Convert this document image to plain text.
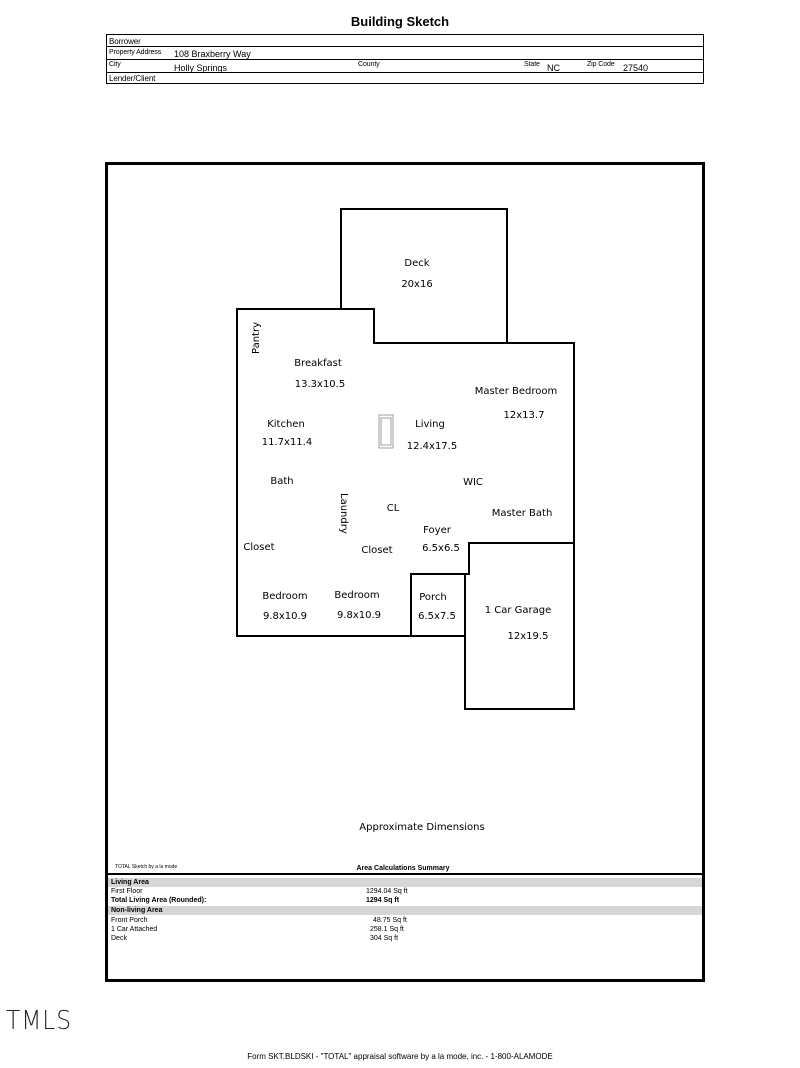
Building Sketch
Borrower
Property Address 108 Braxberry Way
City	Holly Springs	County	State NC	Zip Code 27540
Lender/Client
Deck
20x16
Pantry
Breakfast
13.3x10.5
Master Bedroom
12x13.7
Kitchen
11.7x11.4
Living
12.4x17.5
Bath	WIC
Laundry	CL	Master Bath
Foyer
6.5x6.5
Closet	Closet
Bedroom
9.8x10.9
Bedroom
9.8x10.9
Porch
6.5x7.5
1 Car Garage
12x19.5
Approximate Dimensions
TOTAL Sketch by a la mode	Area Calculations Summary
Living Area
First Floor	1294.04 Sq ft
Total Living Area (Rounded):	1294 Sq ft
Non-living Area
Front Porch	48.75 Sq ft
1 Car Attached	258.1 Sq ft
Deck	304 Sq ft
TMLS
Form SKT.BLDSKI - "TOTAL" appraisal software by a la mode, inc. - 1-800-ALAMODE
